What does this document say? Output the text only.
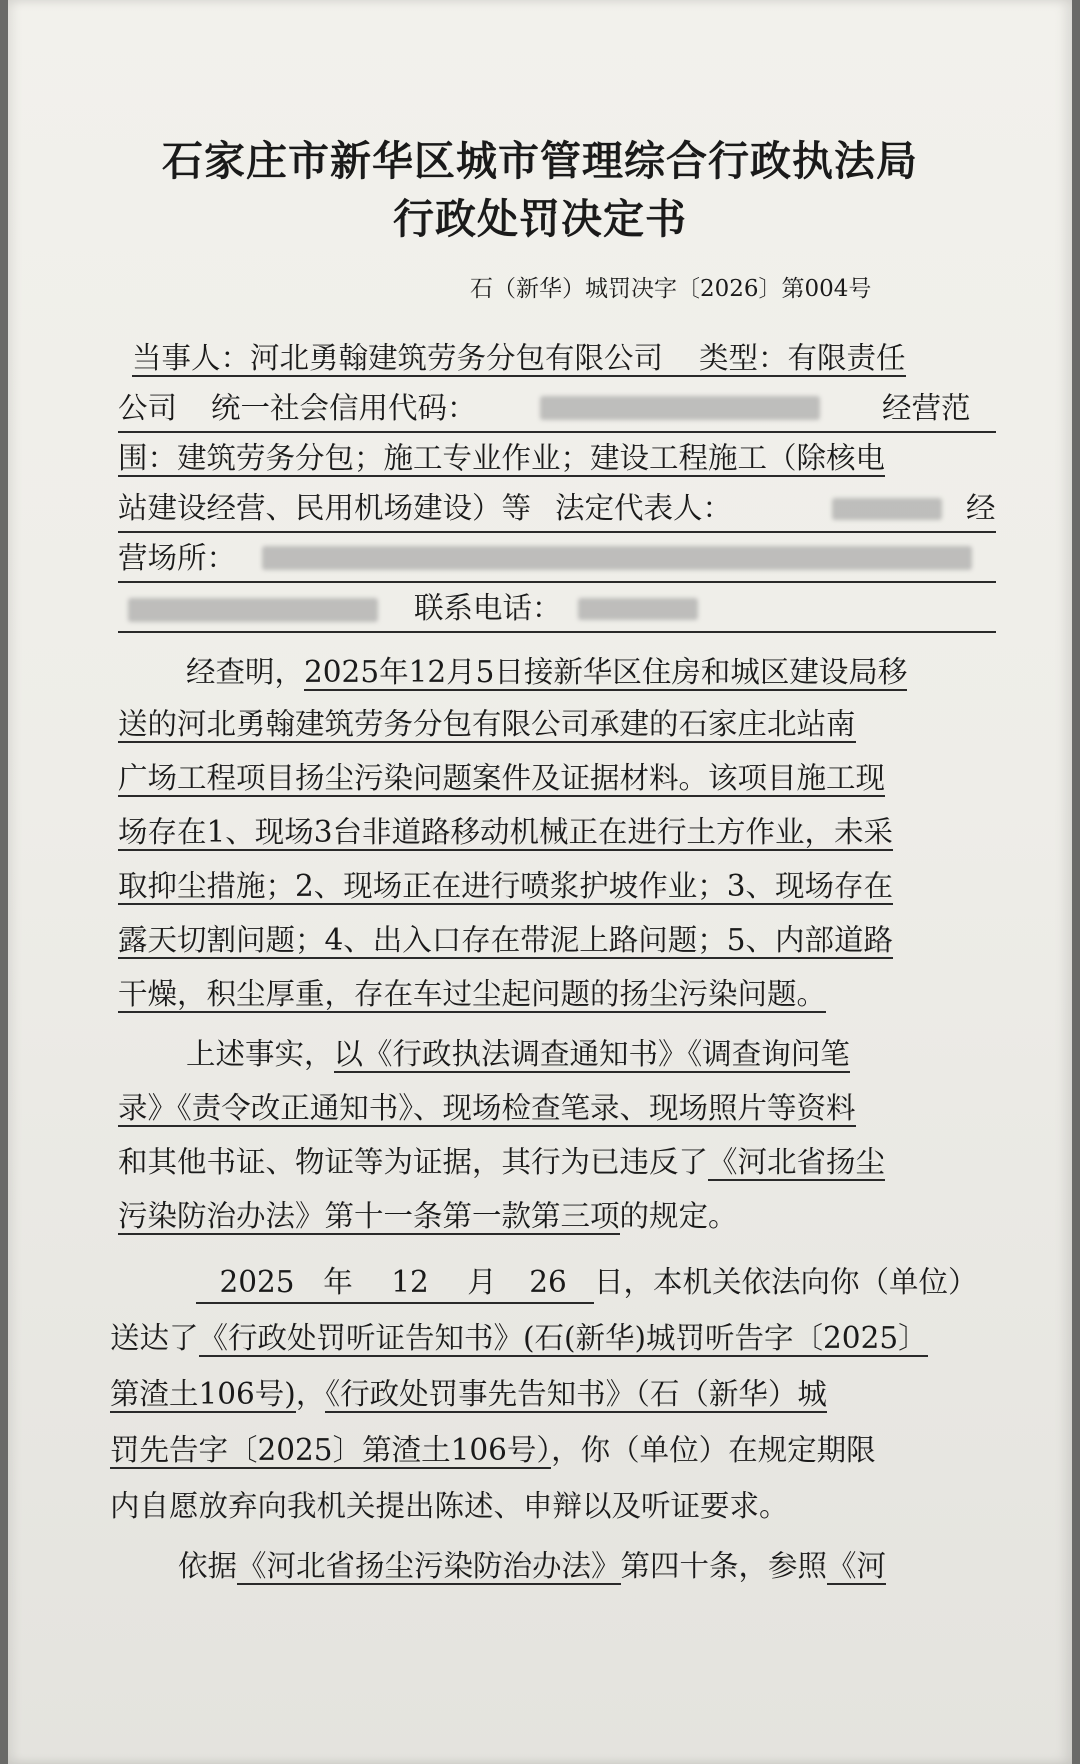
石家庄市新华区城市管理综合行政执法局
行政处罚决定书
石（新华）城罚决字〔2026〕第004号
当事人：河北勇翰建筑劳务分包有限公司 类型：有限责任
公司 统一社会信用代码：	经营范
围：建筑劳务分包；施工专业作业；建设工程施工（除核电
站建设经营、民用机场建设）等 法定代表人：	经
营场所：
联系电话：
经查明，2025年12月5日接新华区住房和城区建设局移
送的河北勇翰建筑劳务分包有限公司承建的石家庄北站南
广场工程项目扬尘污染问题案件及证据材料。该项目施工现
场存在1、现场3台非道路移动机械正在进行土方作业，未采
取抑尘措施；2、现场正在进行喷浆护坡作业；3、现场存在
露天切割问题；4、出入口存在带泥上路问题；5、内部道路
干燥，积尘厚重，存在车过尘起问题的扬尘污染问题。
上述事实，以《行政执法调查通知书》《调查询问笔
录》《责令改正通知书》、现场检查笔录、现场照片等资料
和其他书证、物证等为证据，其行为已违反了《河北省扬尘
污染防治办法》第十一条第一款第三项的规定。
2025 年 12 月 26 日，本机关依法向你（单位）
送达了《行政处罚听证告知书》(石(新华)城罚听告字〔2025〕
第渣土106号)，《行政处罚事先告知书》（石（新华）城
罚先告字〔2025〕第渣土106号），你（单位）在规定期限
内自愿放弃向我机关提出陈述、申辩以及听证要求。
依据《河北省扬尘污染防治办法》第四十条，参照《河
